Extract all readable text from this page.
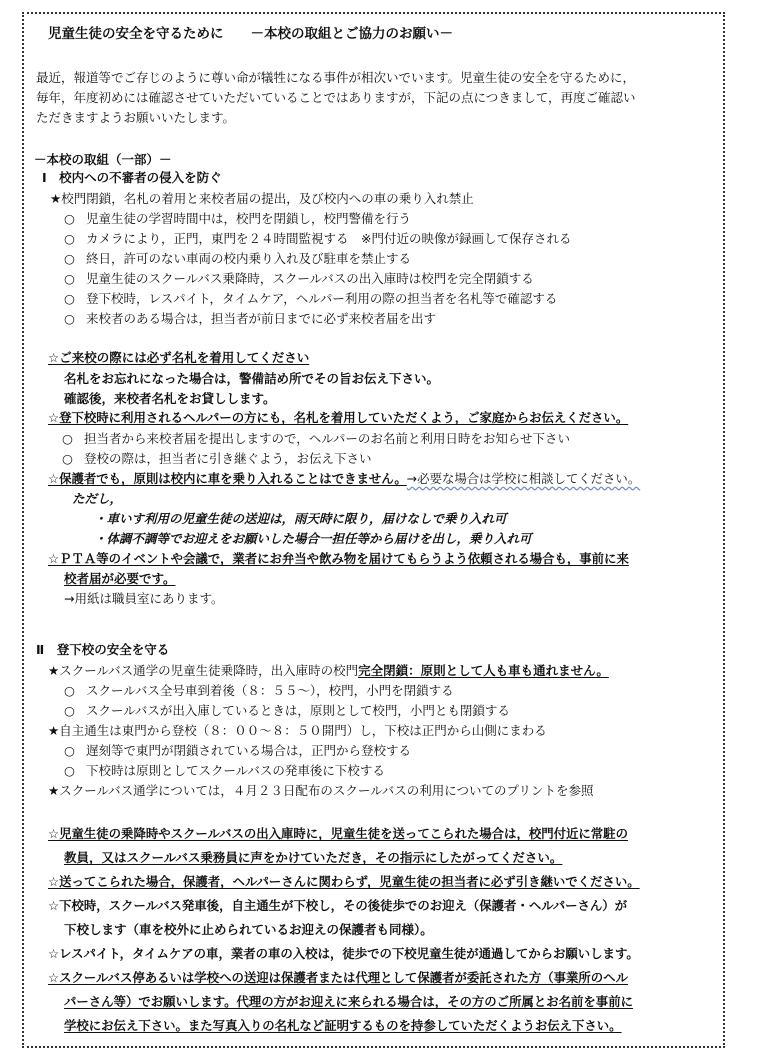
児童生徒の安全を守るために　　－本校の取組とご協力のお願い－
最近，報道等でご存じのように尊い命が犠牲になる事件が相次いでいます。児童生徒の安全を守るために，
毎年，年度初めには確認させていただいていることではありますが，下記の点につきまして，再度ご確認い
ただきますようお願いいたします。
－本校の取組（一部）－
Ⅰ　校内への不審者の侵入を防ぐ
★校門閉鎖，名札の着用と来校者届の提出，及び校内への車の乗り入れ禁止
○ 児童生徒の学習時間中は，校門を閉鎖し，校門警備を行う
○ カメラにより，正門，東門を２４時間監視する　※門付近の映像が録画して保存される
○ 終日，許可のない車両の校内乗り入れ及び駐車を禁止する
○ 児童生徒のスクールバス乗降時，スクールバスの出入庫時は校門を完全閉鎖する
○ 登下校時，レスパイト，タイムケア，ヘルパー利用の際の担当者を名札等で確認する
○ 来校者のある場合は，担当者が前日までに必ず来校者届を出す
☆ご来校の際には必ず名札を着用してください
名札をお忘れになった場合は，警備詰め所でその旨お伝え下さい。
確認後，来校者名札をお貸しします。
☆登下校時に利用されるヘルパーの方にも，名札を着用していただくよう，ご家庭からお伝えください。
○ 担当者から来校者届を提出しますので，ヘルパーのお名前と利用日時をお知らせ下さい
○ 登校の際は，担当者に引き継ぐよう，お伝え下さい
☆保護者でも，原則は校内に車を乗り入れることはできません。→必要な場合は学校に相談してください。
ただし，
・車いす利用の児童生徒の送迎は，雨天時に限り，届けなしで乗り入れ可
・体調不調等でお迎えをお願いした場合一担任等から届けを出し，乗り入れ可
☆ＰＴＡ等のイベントや会議で，業者にお弁当や飲み物を届けてもらうよう依頼される場合も，事前に来
校者届が必要です。
→用紙は職員室にあります。
Ⅱ　登下校の安全を守る
★スクールバス通学の児童生徒乗降時，出入庫時の校門完全閉鎖：原則として人も車も通れません。
○ スクールバス全号車到着後（８：５５～），校門，小門を閉鎖する
○ スクールバスが出入庫しているときは，原則として校門，小門とも閉鎖する
★自主通生は東門から登校（８：００～８：５０開門）し，下校は正門から山側にまわる
○ 遅刻等で東門が閉鎖されている場合は，正門から登校する
○ 下校時は原則としてスクールバスの発車後に下校する
★スクールバス通学については，４月２３日配布のスクールバスの利用についてのプリントを参照
☆児童生徒の乗降時やスクールバスの出入庫時に，児童生徒を送ってこられた場合は，校門付近に常駐の
教員，又はスクールバス乗務員に声をかけていただき，その指示にしたがってください。
☆送ってこられた場合，保護者，ヘルパーさんに関わらず，児童生徒の担当者に必ず引き継いでください。
☆下校時，スクールバス発車後，自主通生が下校し，その後徒歩でのお迎え（保護者・ヘルパーさん）が
下校します（車を校外に止められているお迎えの保護者も同様）。
☆レスパイト，タイムケアの車，業者の車の入校は，徒歩での下校児童生徒が通過してからお願いします。
☆スクールバス停あるいは学校への送迎は保護者または代理として保護者が委託された方（事業所のヘル
パーさん等）でお願いします。代理の方がお迎えに来られる場合は，その方のご所属とお名前を事前に
学校にお伝え下さい。また写真入りの名札など証明するものを持参していただくようお伝え下さい。
